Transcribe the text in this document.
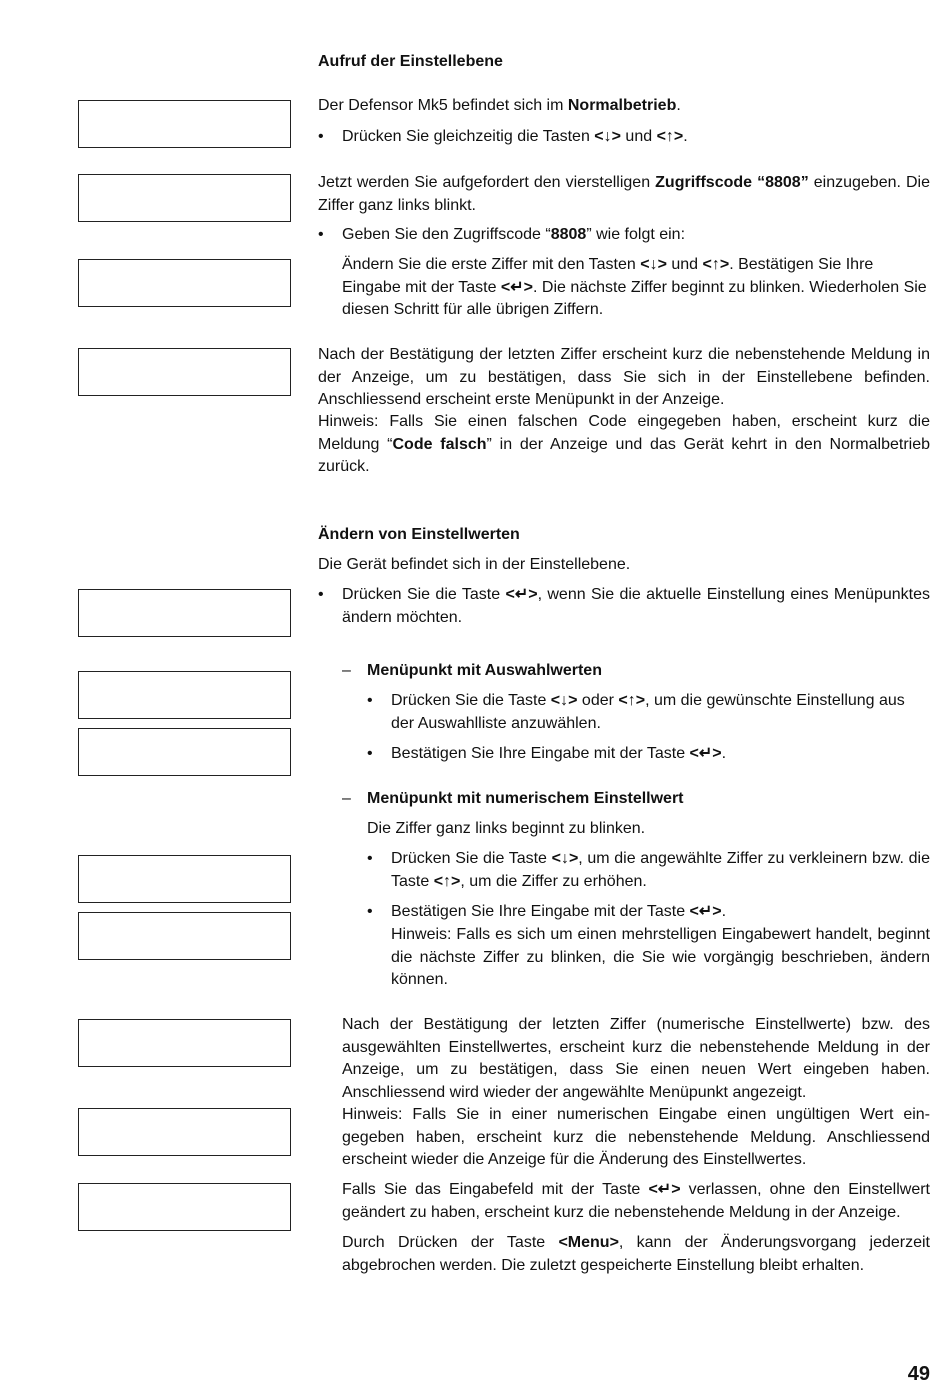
Aufruf der Einstellebene

Der Defensor Mk5 befindet sich im Normalbetrieb.

• Drücken Sie gleichzeitig die Tasten <↓> und <↑>.

Jetzt werden Sie aufgefordert den vierstelligen Zugriffscode “8808” einzugeben. Die Ziffer ganz links blinkt.

• Geben Sie den Zugriffscode “8808” wie folgt ein:

Ändern Sie die erste Ziffer mit den Tasten <↓> und <↑>. Bestätigen Sie Ihre Eingabe mit der Taste <↵>. Die nächste Ziffer beginnt zu blinken. Wiederholen Sie diesen Schritt für alle übrigen Ziffern.

Nach der Bestätigung der letzten Ziffer erscheint kurz die nebenstehende Meldung in der Anzeige, um zu bestätigen, dass Sie sich in der Einstellebene befinden. Anschliessend erscheint erste Menüpunkt in der Anzeige.

Hinweis: Falls Sie einen falschen Code eingegeben haben, erscheint kurz die Meldung “Code falsch” in der Anzeige und das Gerät kehrt in den Normalbetrieb zurück.

Ändern von Einstellwerten

Die Gerät befindet sich in der Einstellebene.

• Drücken Sie die Taste <↵>, wenn Sie die aktuelle Einstellung eines Menüpunktes ändern möchten.

– Menüpunkt mit Auswahlwerten
• Drücken Sie die Taste <↓> oder <↑>, um die gewünschte Einstellung aus der Auswahlliste anzuwählen.

• Bestätigen Sie Ihre Eingabe mit der Taste <↵>.

– Menüpunkt mit numerischem Einstellwert

Die Ziffer ganz links beginnt zu blinken.

• Drücken Sie die Taste <↓>, um die angewählte Ziffer zu verkleinern bzw. die Taste <↑>, um die Ziffer zu erhöhen.

• Bestätigen Sie Ihre Eingabe mit der Taste <↵>.

Hinweis: Falls es sich um einen mehrstelligen Eingabewert handelt, beginnt die nächste Ziffer zu blinken, die Sie wie vorgängig beschrieben, ändern können.

Nach der Bestätigung der letzten Ziffer (numerische Einstellwerte) bzw. des ausgewählten Einstellwertes, erscheint kurz die nebenstehende Meldung in der Anzeige, um zu bestätigen, dass Sie einen neuen Wert eingeben haben. Anschliessend wird wieder der angewählte Menüpunkt angezeigt.

Hinweis: Falls Sie in einer numerischen Eingabe einen ungültigen Wert eingegeben haben, erscheint kurz die nebenstehende Meldung. Anschliessend erscheint wieder die Anzeige für die Änderung des Einstellwertes.

Falls Sie das Eingabefeld mit der Taste <↵> verlassen, ohne den Einstellwert geändert zu haben, erscheint kurz die nebenstehende Meldung in der Anzeige.

Durch Drücken der Taste <Menu>, kann der Änderungsvorgang jederzeit abgebrochen werden. Die zuletzt gespeicherte Einstellung bleibt erhalten.

49
